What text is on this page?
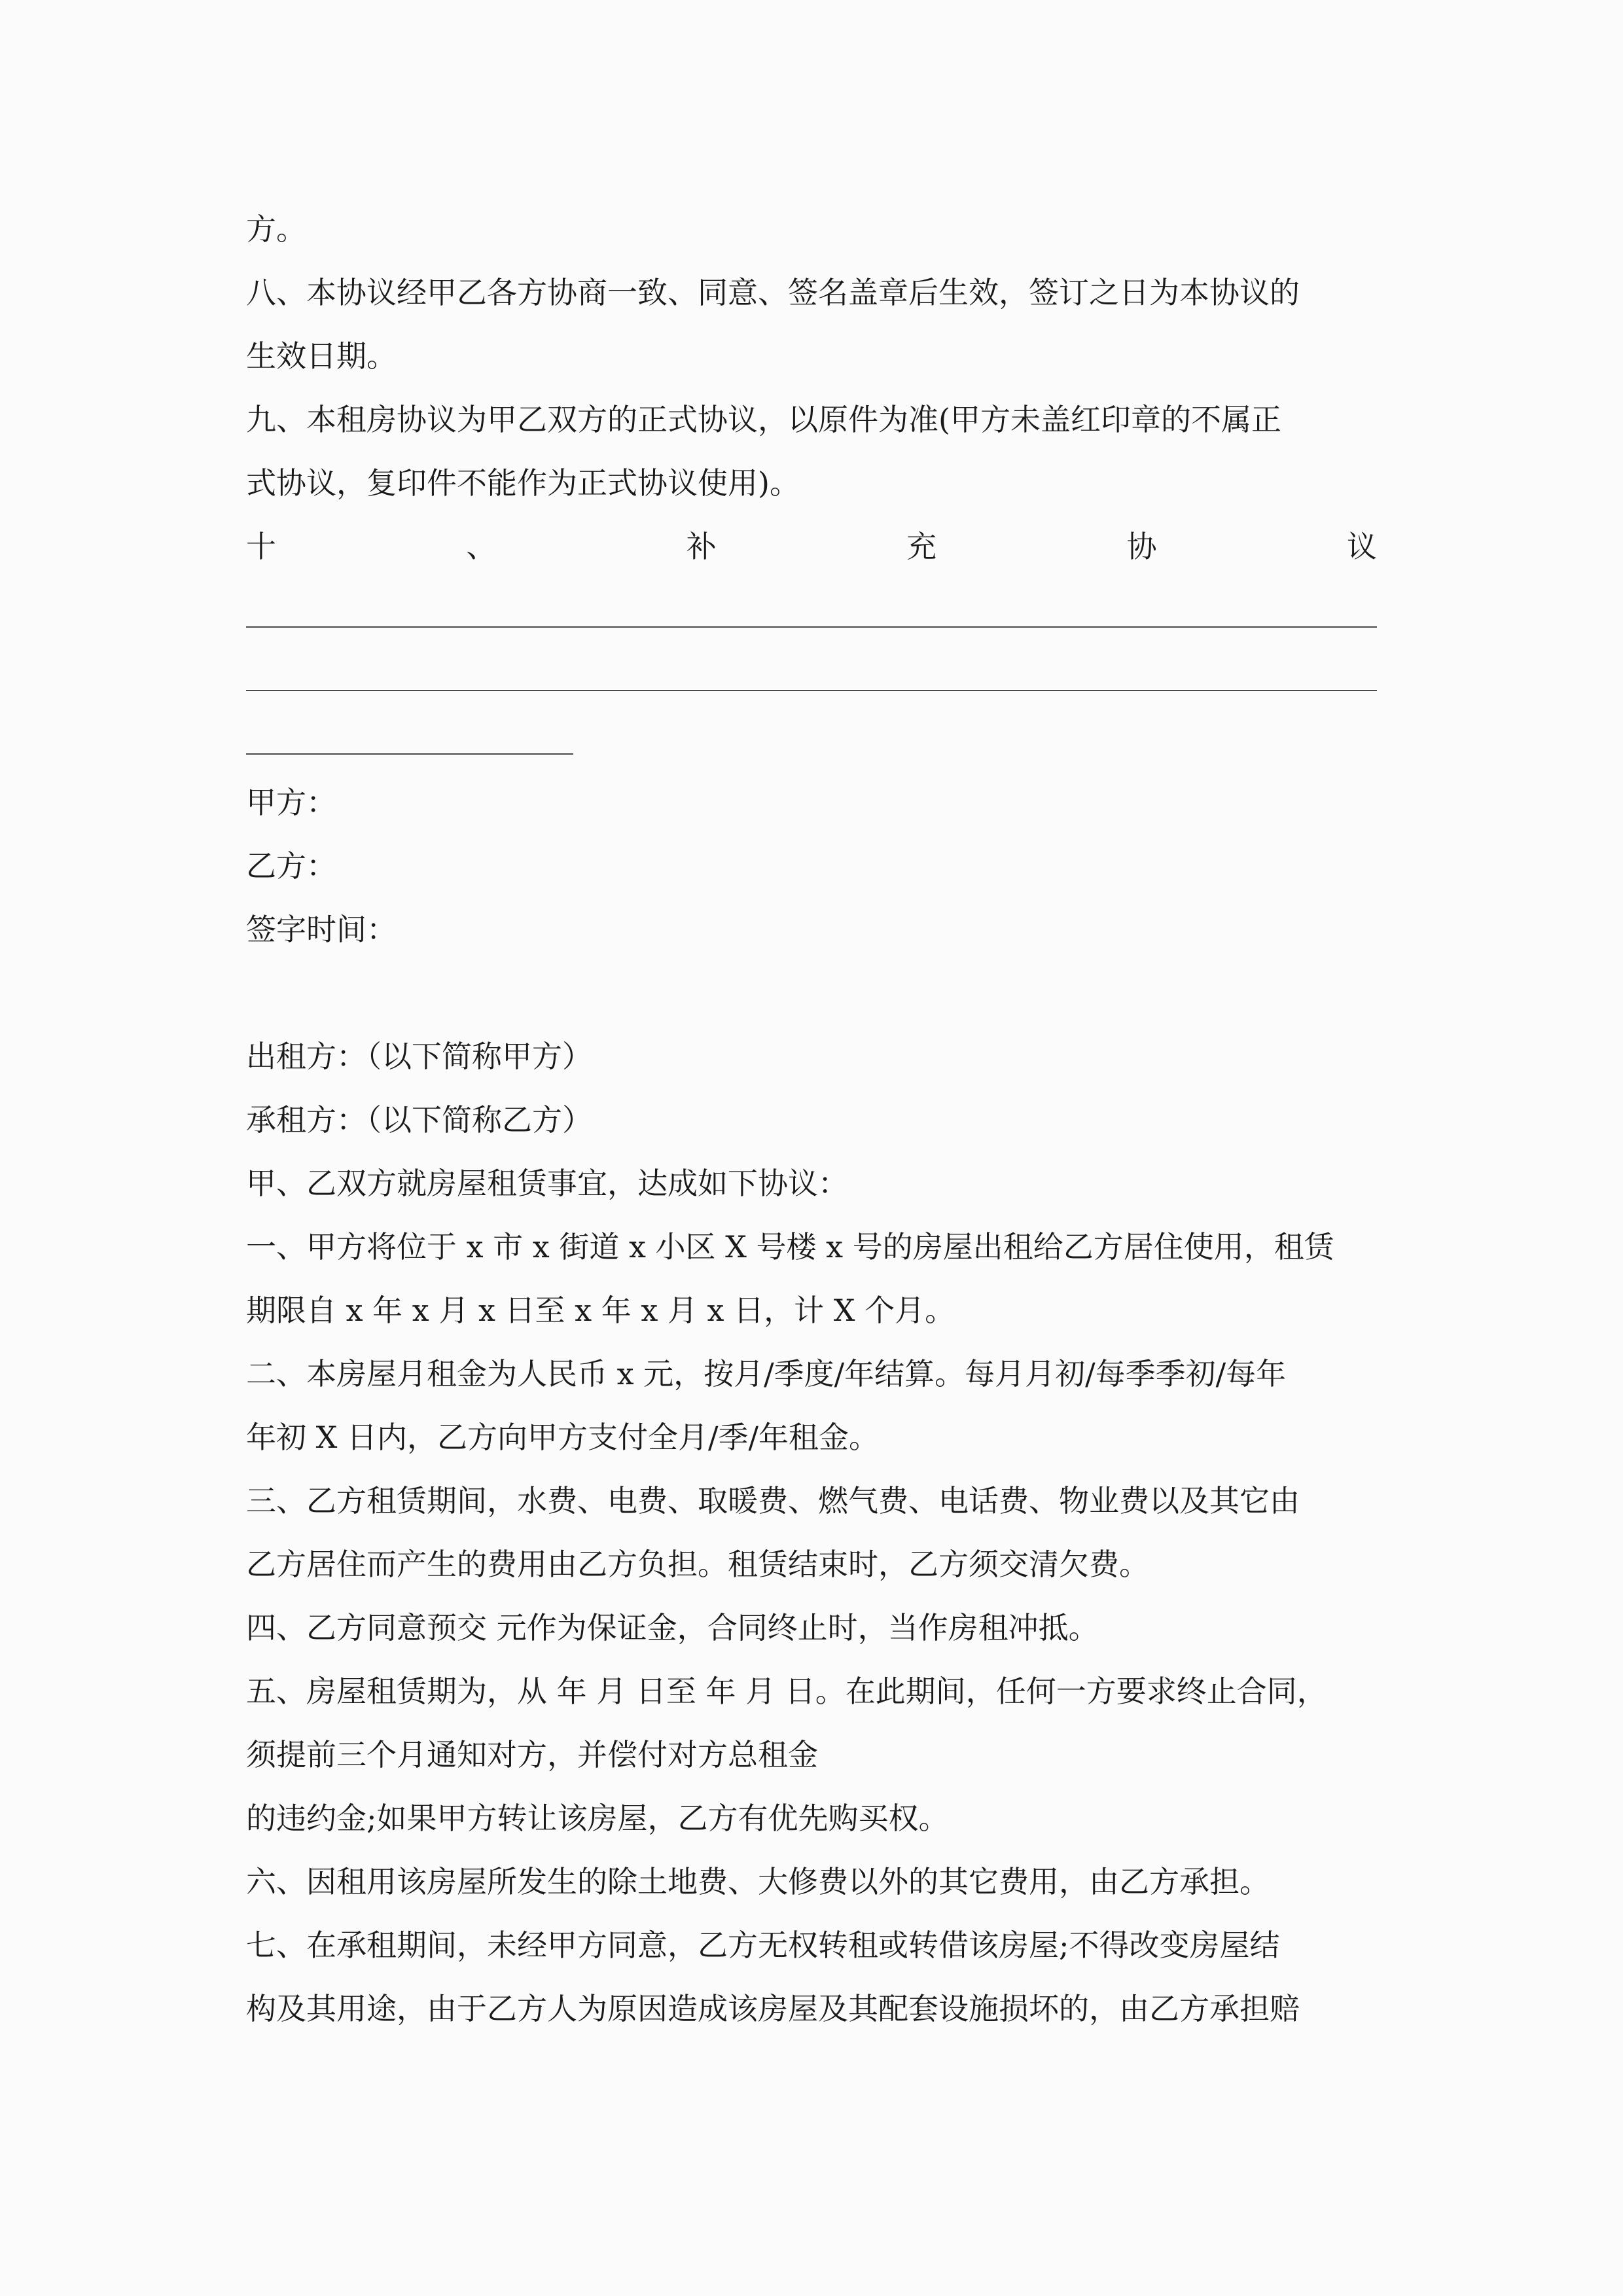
方。
八、本协议经甲乙各方协商一致、同意、签名盖章后生效，签订之日为本协议的
生效日期。
九、本租房协议为甲乙双方的正式协议，以原件为准(甲方未盖红印章的不属正
式协议，复印件不能作为正式协议使用)。
十	、	补	充	协	议
甲方：
乙方：
签字时间：
出租方：（以下简称甲方）
承租方：（以下简称乙方）
甲、乙双方就房屋租赁事宜，达成如下协议：
一、甲方将位于 x 市 x 街道 x 小区 X 号楼 x 号的房屋出租给乙方居住使用，租赁
期限自 x 年 x 月 x 日至 x 年 x 月 x 日，计 X 个月。
二、本房屋月租金为人民币 x 元，按月/季度/年结算。每月月初/每季季初/每年
年初 X 日内，乙方向甲方支付全月/季/年租金。
三、乙方租赁期间，水费、电费、取暖费、燃气费、电话费、物业费以及其它由
乙方居住而产生的费用由乙方负担。租赁结束时，乙方须交清欠费。
四、乙方同意预交 元作为保证金，合同终止时，当作房租冲抵。
五、房屋租赁期为，从 年 月 日至 年 月 日。在此期间，任何一方要求终止合同，
须提前三个月通知对方，并偿付对方总租金
的违约金;如果甲方转让该房屋，乙方有优先购买权。
六、因租用该房屋所发生的除土地费、大修费以外的其它费用，由乙方承担。
七、在承租期间，未经甲方同意，乙方无权转租或转借该房屋;不得改变房屋结
构及其用途，由于乙方人为原因造成该房屋及其配套设施损坏的，由乙方承担赔
